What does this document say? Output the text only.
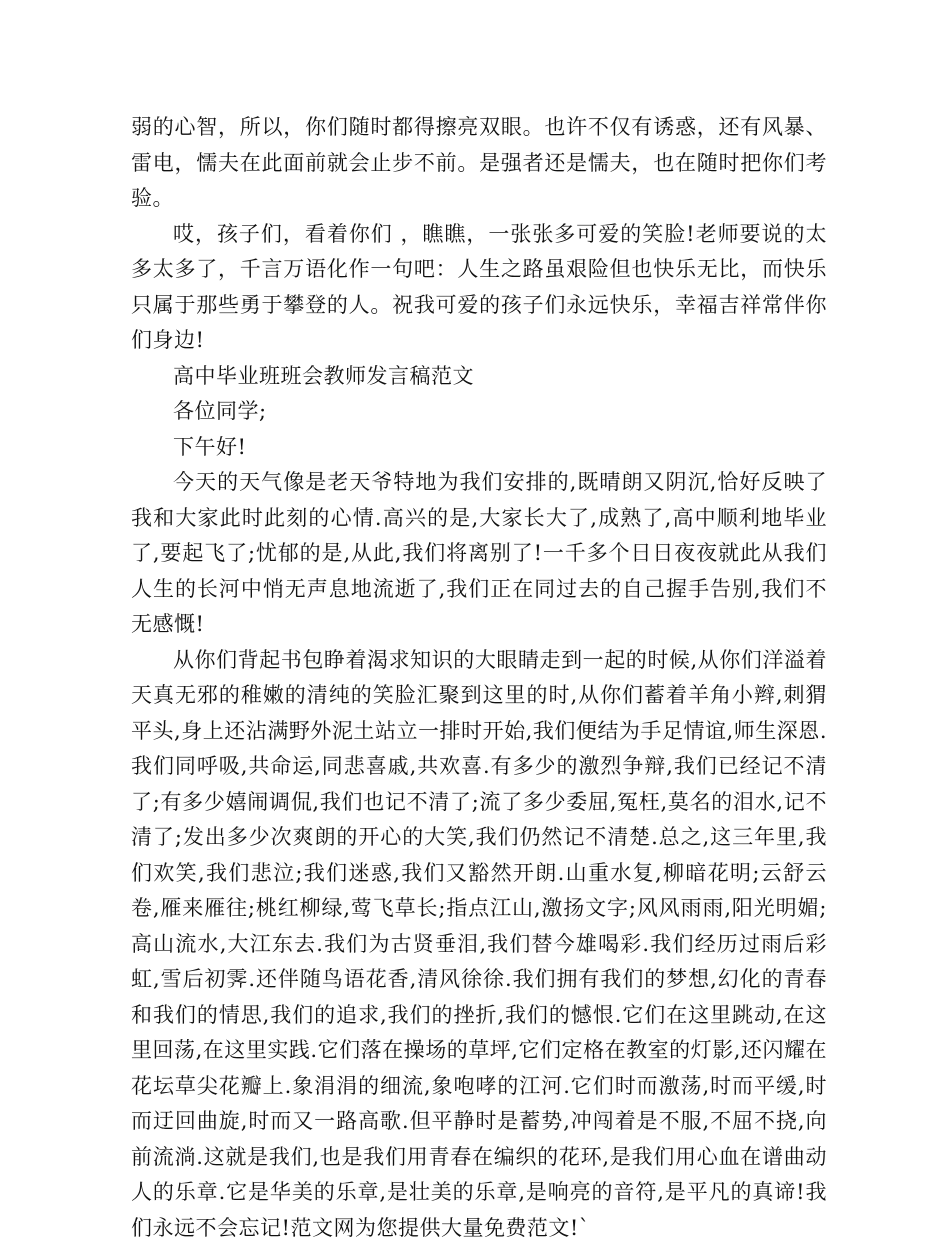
弱的心智，所以，你们随时都得擦亮双眼。也许不仅有诱惑，还有风暴、雷电，懦夫在此面前就会止步不前。是强者还是懦夫，也在随时把你们考验。

哎，孩子们，看着你们 ，瞧瞧，一张张多可爱的笑脸!老师要说的太多太多了，千言万语化作一句吧：人生之路虽艰险但也快乐无比，而快乐只属于那些勇于攀登的人。祝我可爱的孩子们永远快乐，幸福吉祥常伴你们身边!

高中毕业班班会教师发言稿范文

各位同学;

下午好!

今天的天气像是老天爷特地为我们安排的,既晴朗又阴沉,恰好反映了我和大家此时此刻的心情.高兴的是,大家长大了,成熟了,高中顺利地毕业了,要起飞了;忧郁的是,从此,我们将离别了!一千多个日日夜夜就此从我们人生的长河中悄无声息地流逝了,我们正在同过去的自己握手告别,我们不无感慨!

从你们背起书包睁着渴求知识的大眼睛走到一起的时候,从你们洋溢着天真无邪的稚嫩的清纯的笑脸汇聚到这里的时,从你们蓄着羊角小辫,刺猬平头,身上还沾满野外泥土站立一排时开始,我们便结为手足情谊,师生深恩.我们同呼吸,共命运,同悲喜戚,共欢喜.有多少的激烈争辩,我们已经记不清了;有多少嬉闹调侃,我们也记不清了;流了多少委屈,冤枉,莫名的泪水,记不清了;发出多少次爽朗的开心的大笑,我们仍然记不清楚.总之,这三年里,我们欢笑,我们悲泣;我们迷惑,我们又豁然开朗.山重水复,柳暗花明;云舒云卷,雁来雁往;桃红柳绿,莺飞草长;指点江山,激扬文字;风风雨雨,阳光明媚;高山流水,大江东去.我们为古贤垂泪,我们替今雄喝彩.我们经历过雨后彩虹,雪后初霁.还伴随鸟语花香,清风徐徐.我们拥有我们的梦想,幻化的青春和我们的情思,我们的追求,我们的挫折,我们的憾恨.它们在这里跳动,在这里回荡,在这里实践.它们落在操场的草坪,它们定格在教室的灯影,还闪耀在花坛草尖花瓣上.象涓涓的细流,象咆哮的江河.它们时而激荡,时而平缓,时而迂回曲旋,时而又一路高歌.但平静时是蓄势,冲闯着是不服,不屈不挠,向前流淌.这就是我们,也是我们用青春在编织的花环,是我们用心血在谱曲动人的乐章.它是华美的乐章,是壮美的乐章,是响亮的音符,是平凡的真谛!我们永远不会忘记!范文网为您提供大量免费范文!`
